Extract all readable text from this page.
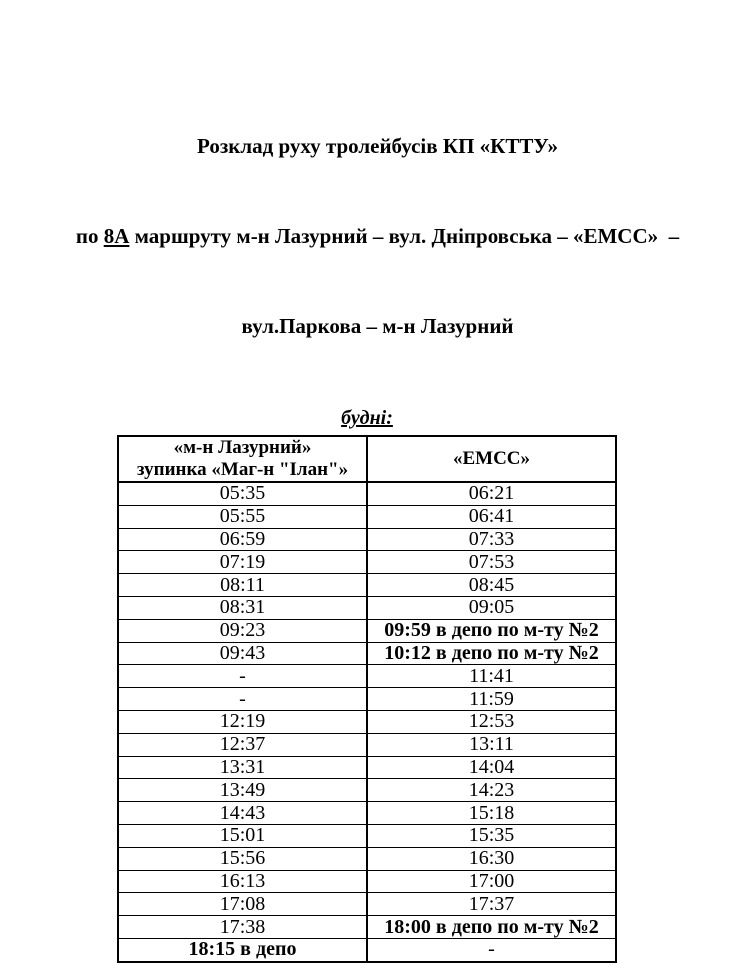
Розклад руху тролейбусів КП «КТТУ»

по 8А маршруту м-н Лазурний – вул. Дніпровська – «ЕМСС»  –

вул.Паркова – м-н Лазурний

будні:
«м-н Лазурний»
зупинка «Маг-н "Ілан"»	«ЕМСС»
05:35	06:21
05:55	06:41
06:59	07:33
07:19	07:53
08:11	08:45
08:31	09:05
09:23	09:59 в депо по м-ту №2
09:43	10:12 в депо по м-ту №2
-	11:41
-	11:59
12:19	12:53
12:37	13:11
13:31	14:04
13:49	14:23
14:43	15:18
15:01	15:35
15:56	16:30
16:13	17:00
17:08	17:37
17:38	18:00 в депо по м-ту №2
18:15 в депо	-
